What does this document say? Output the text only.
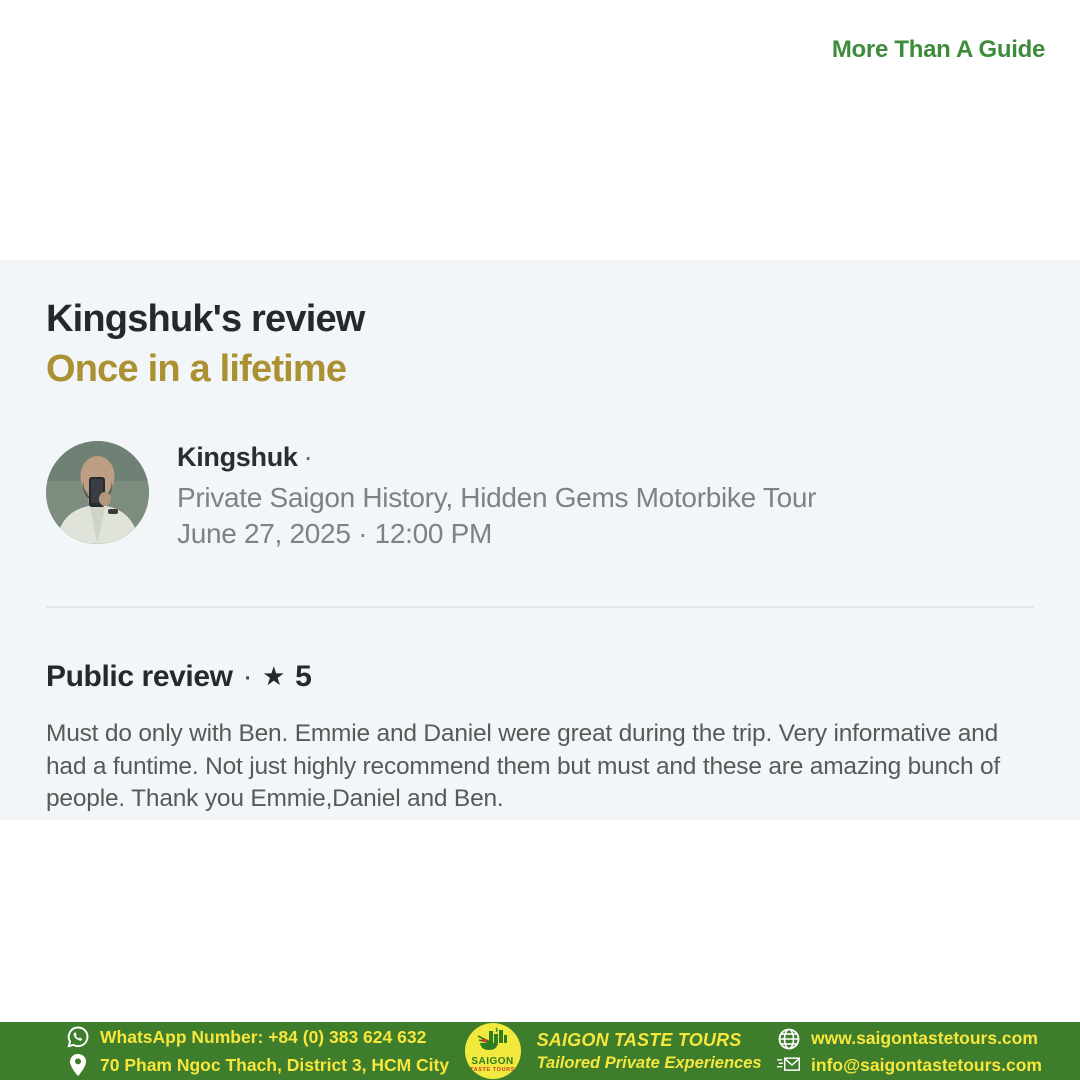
More Than A Guide
Kingshuk's review
Once in a lifetime
Kingshuk ·
Private Saigon History, Hidden Gems Motorbike Tour
June 27, 2025 · 12:00 PM
Public review · ★ 5

Must do only with Ben. Emmie and Daniel were great during the trip. Very informative and had a funtime. Not just highly recommend them but must and these are amazing bunch of people. Thank you Emmie,Daniel and Ben.

WhatsApp Number: +84 (0) 383 624 632
70 Pham Ngoc Thach, District 3, HCM City SAIGON
TASTE TOURS
SAIGON TASTE TOURS
Tailored Private Experiences
www.saigontastetours.com
info@saigontastetours.com
